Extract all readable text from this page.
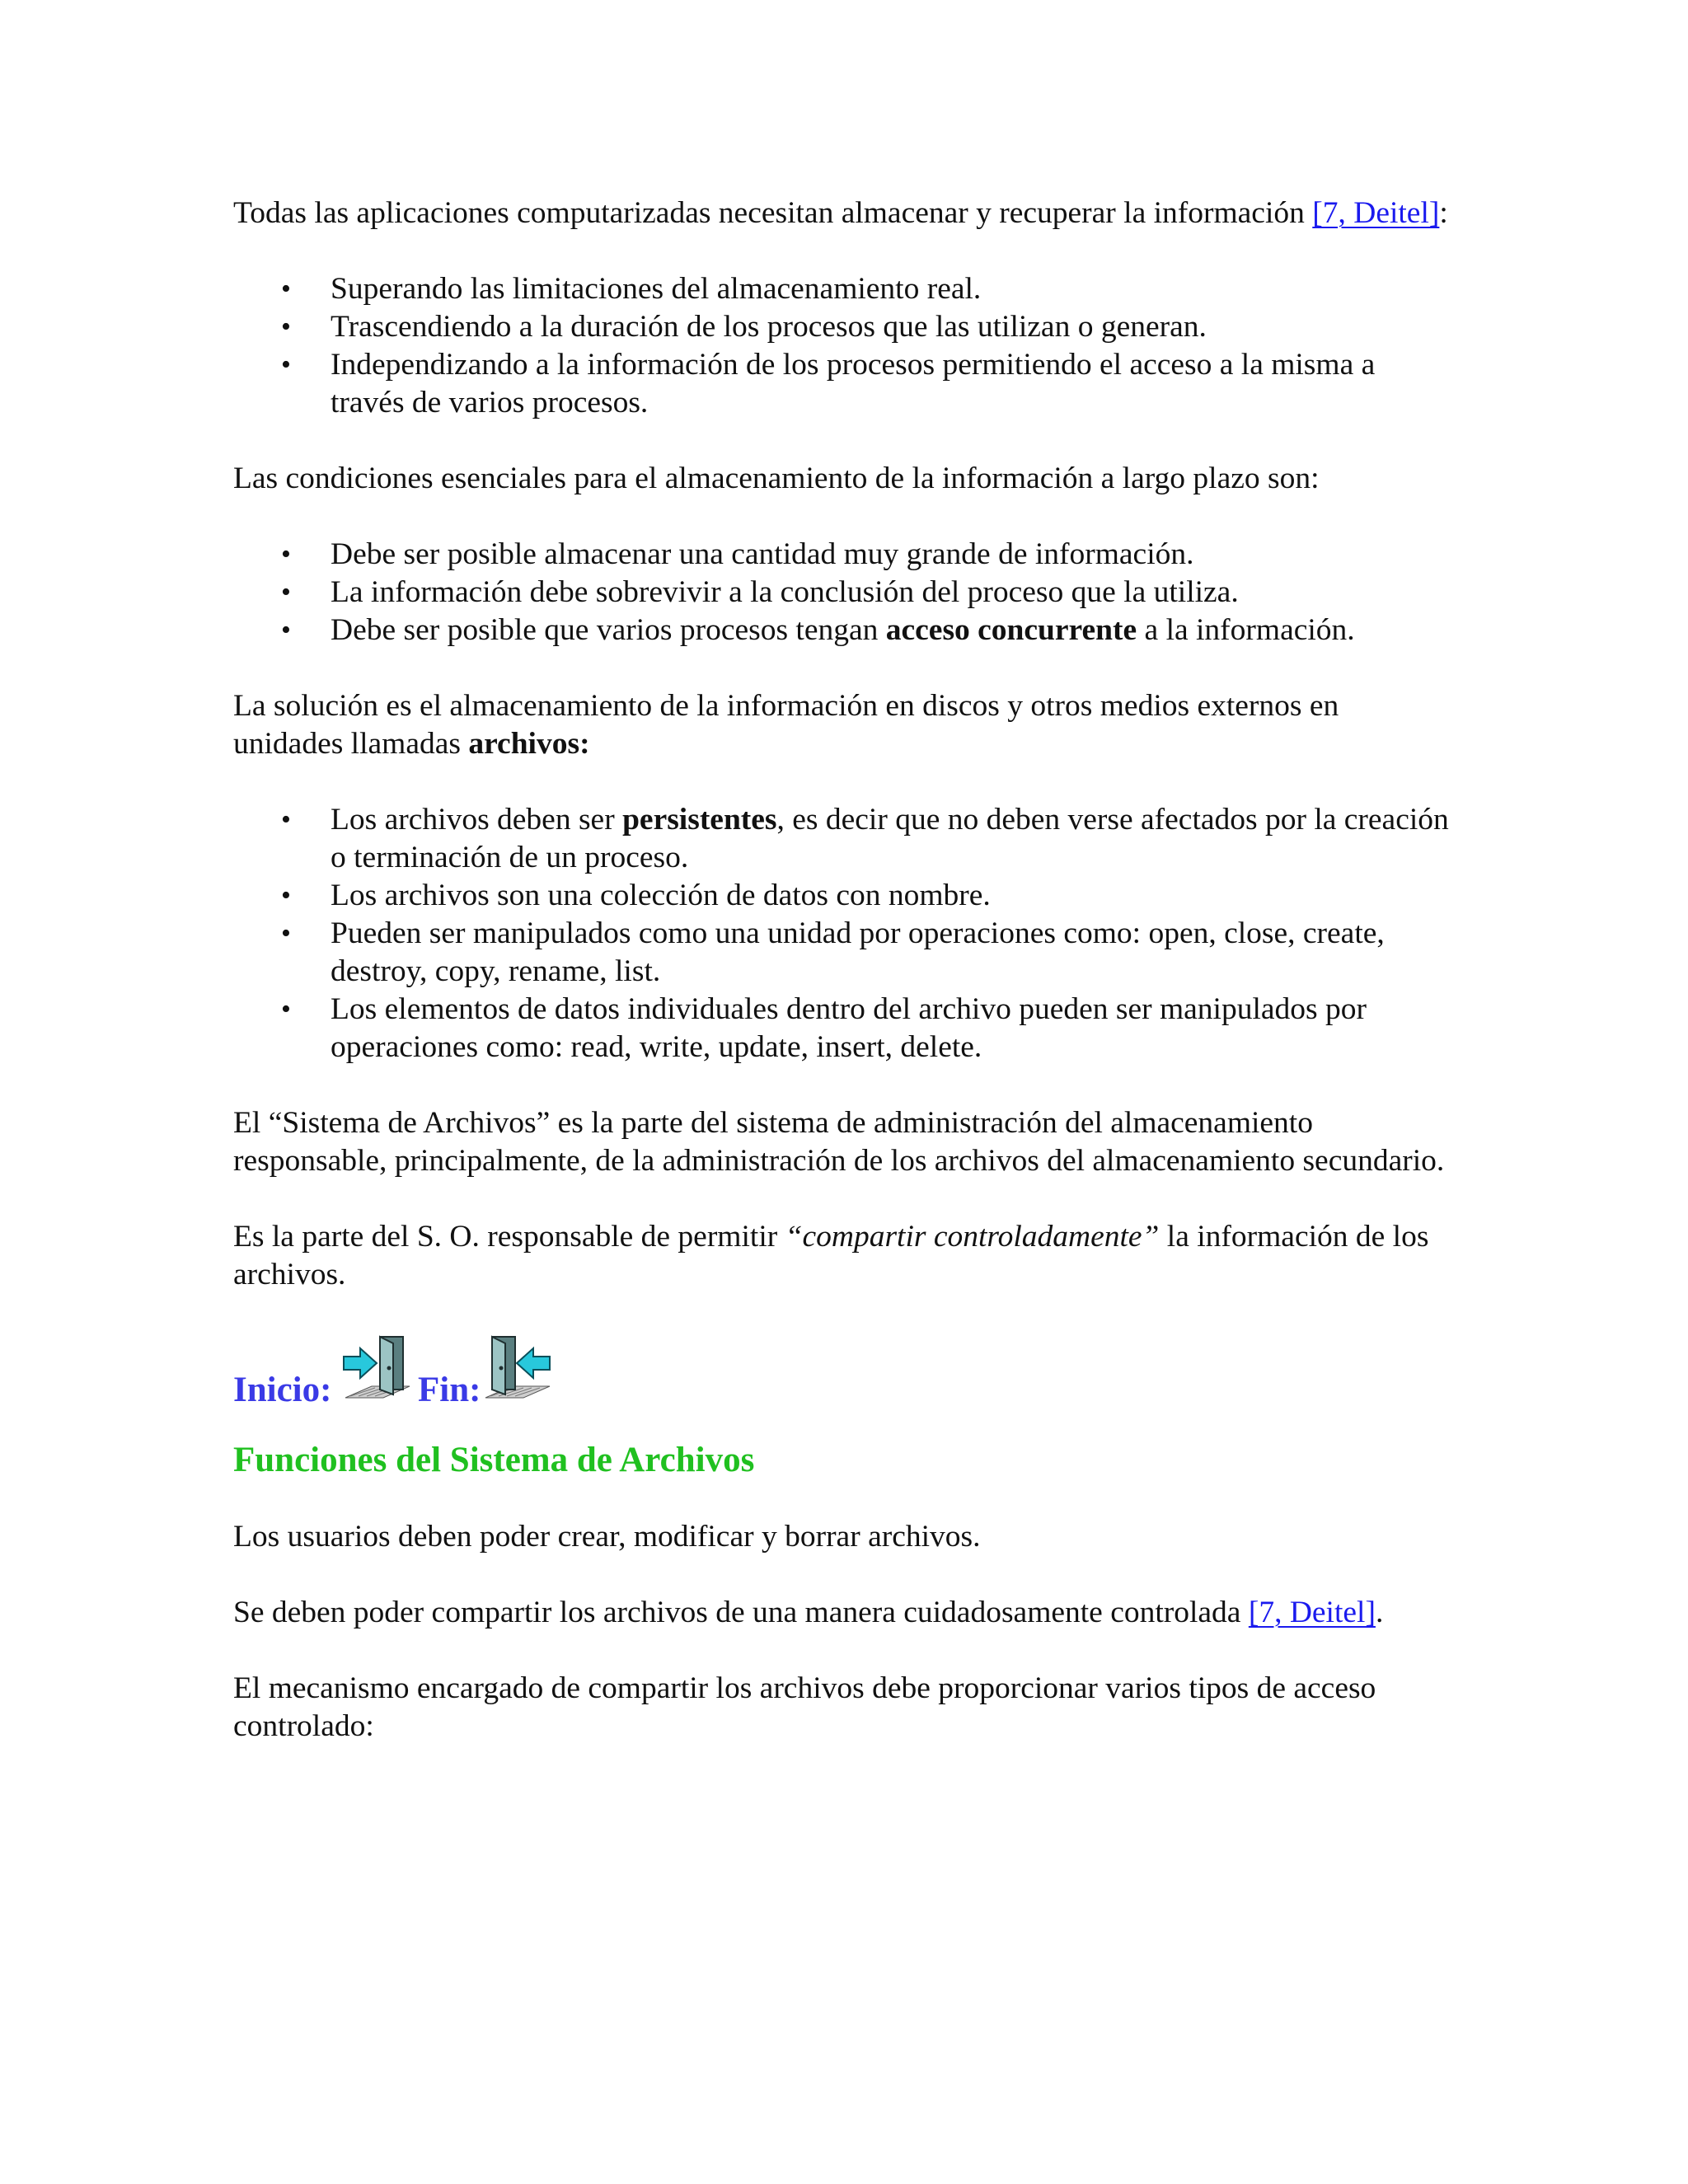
Todas las aplicaciones computarizadas necesitan almacenar y recuperar la información [7, Deitel]:

• Superando las limitaciones del almacenamiento real.
• Trascendiendo a la duración de los procesos que las utilizan o generan.
• Independizando a la información de los procesos permitiendo el acceso a la misma a través de varios procesos.

Las condiciones esenciales para el almacenamiento de la información a largo plazo son:

• Debe ser posible almacenar una cantidad muy grande de información.
• La información debe sobrevivir a la conclusión del proceso que la utiliza.
• Debe ser posible que varios procesos tengan acceso concurrente a la información.

La solución es el almacenamiento de la información en discos y otros medios externos en unidades llamadas archivos:

• Los archivos deben ser persistentes, es decir que no deben verse afectados por la creación o terminación de un proceso.
• Los archivos son una colección de datos con nombre.
• Pueden ser manipulados como una unidad por operaciones como: open, close, create, destroy, copy, rename, list.
• Los elementos de datos individuales dentro del archivo pueden ser manipulados por operaciones como: read, write, update, insert, delete.

El “Sistema de Archivos” es la parte del sistema de administración del almacenamiento responsable, principalmente, de la administración de los archivos del almacenamiento secundario.

Es la parte del S. O. responsable de permitir “compartir controladamente” la información de los archivos.

Inicio: Fin:
Funciones del Sistema de Archivos

Los usuarios deben poder crear, modificar y borrar archivos.

Se deben poder compartir los archivos de una manera cuidadosamente controlada [7, Deitel].

El mecanismo encargado de compartir los archivos debe proporcionar varios tipos de acceso controlado:
